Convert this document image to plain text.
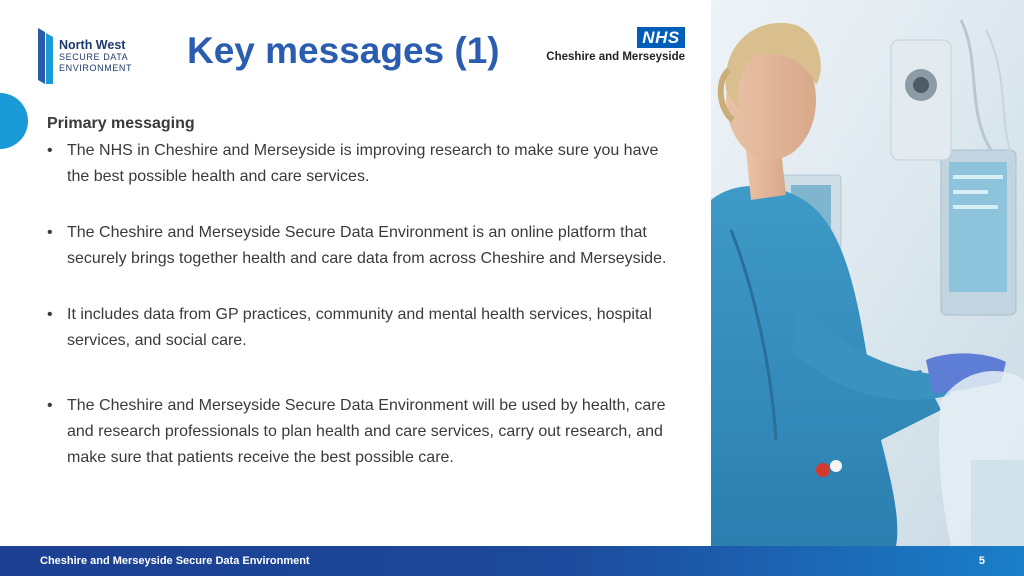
North West
SECURE DATA
ENVIRONMENT Key messages (1)	NHS
Cheshire and Merseyside
Primary messaging
• The NHS in Cheshire and Merseyside is improving research to make sure you have the best possible health and care services.
• The Cheshire and Merseyside Secure Data Environment is an online platform that securely brings together health and care data from across Cheshire and Merseyside.
• It includes data from GP practices, community and mental health services, hospital services, and social care.
• The Cheshire and Merseyside Secure Data Environment will be used by health, care and research professionals to plan health and care services, carry out research, and make sure that patients receive the best possible care.
Cheshire and Merseyside Secure Data Environment	5
